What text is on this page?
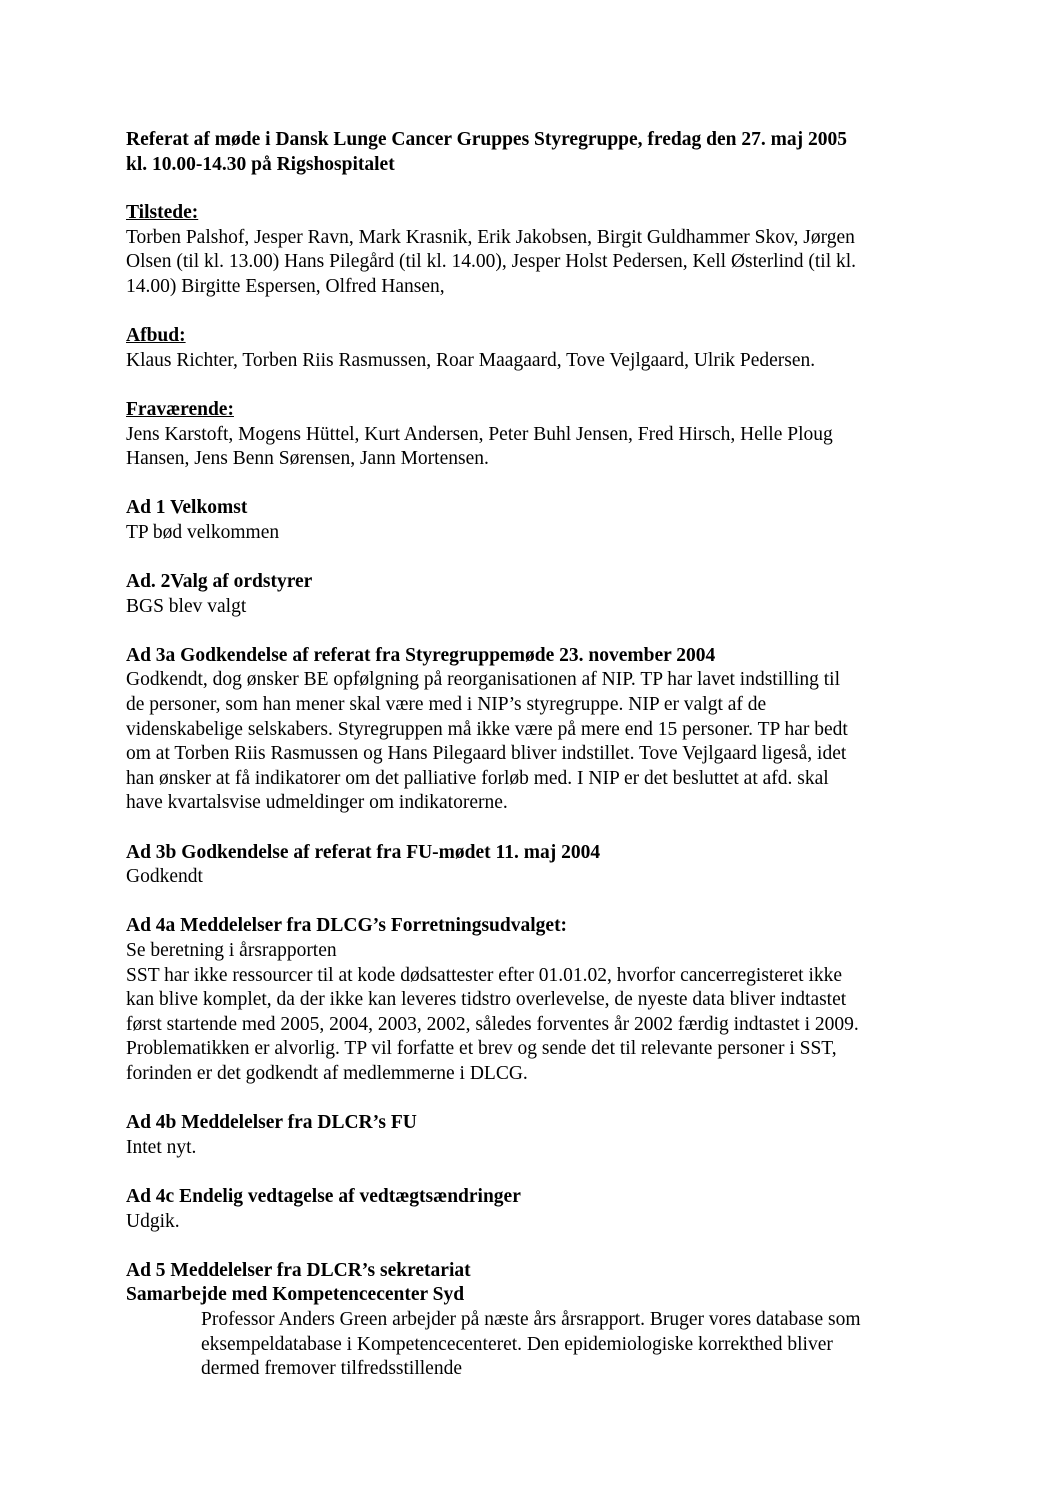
Referat af møde i Dansk Lunge Cancer Gruppes Styregruppe, fredag den 27. maj 2005
kl. 10.00-14.30 på Rigshospitalet
Tilstede:
Torben Palshof, Jesper Ravn, Mark Krasnik, Erik Jakobsen, Birgit Guldhammer Skov, Jørgen
Olsen (til kl. 13.00) Hans Pilegård (til kl. 14.00), Jesper Holst Pedersen, Kell Østerlind (til kl.
14.00) Birgitte Espersen, Olfred Hansen,
Afbud:
Klaus Richter, Torben Riis Rasmussen, Roar Maagaard, Tove Vejlgaard, Ulrik Pedersen.
Fraværende:
Jens Karstoft, Mogens Hüttel, Kurt Andersen, Peter Buhl Jensen, Fred Hirsch, Helle Ploug
Hansen, Jens Benn Sørensen, Jann Mortensen.
Ad 1 Velkomst
TP bød velkommen
Ad. 2Valg af ordstyrer
BGS blev valgt
Ad 3a Godkendelse af referat fra Styregruppemøde 23. november 2004
Godkendt, dog ønsker BE opfølgning på reorganisationen af NIP. TP har lavet indstilling til
de personer, som han mener skal være med i NIP’s styregruppe. NIP er valgt af de
videnskabelige selskabers. Styregruppen må ikke være på mere end 15 personer. TP har bedt
om at Torben Riis Rasmussen og Hans Pilegaard bliver indstillet. Tove Vejlgaard ligeså, idet
han ønsker at få indikatorer om det palliative forløb med. I NIP er det besluttet at afd. skal
have kvartalsvise udmeldinger om indikatorerne.
Ad 3b Godkendelse af referat fra FU-mødet 11. maj 2004
Godkendt
Ad 4a Meddelelser fra DLCG’s Forretningsudvalget:
Se beretning i årsrapporten
SST har ikke ressourcer til at kode dødsattester efter 01.01.02, hvorfor cancerregisteret ikke
kan blive komplet, da der ikke kan leveres tidstro overlevelse, de nyeste data bliver indtastet
først startende med 2005, 2004, 2003, 2002, således forventes år 2002 færdig indtastet i 2009.
Problematikken er alvorlig. TP vil forfatte et brev og sende det til relevante personer i SST,
forinden er det godkendt af medlemmerne i DLCG.
Ad 4b Meddelelser fra DLCR’s FU
Intet nyt.
Ad 4c Endelig vedtagelse af vedtægtsændringer
Udgik.
Ad 5 Meddelelser fra DLCR’s sekretariat
Samarbejde med Kompetencecenter Syd
Professor Anders Green arbejder på næste års årsrapport. Bruger vores database som
eksempeldatabase i Kompetencecenteret. Den epidemiologiske korrekthed bliver
dermed fremover tilfredsstillende
